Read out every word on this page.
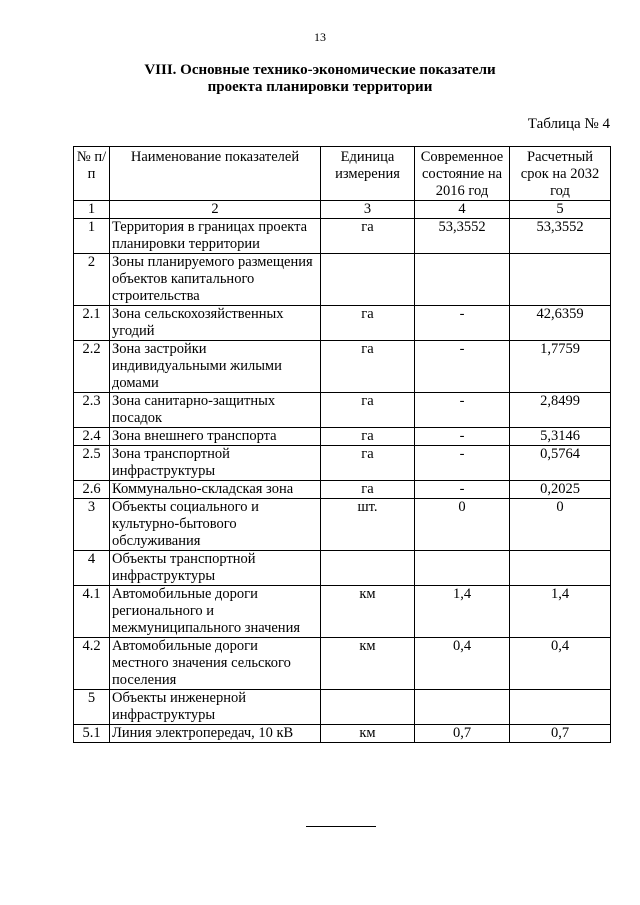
13
VIII. Основные технико-экономические показатели
проекта планировки территории
Таблица № 4
№ п/п	Наименование показателей	Единица измерения	Современное состояние на 2016 год	Расчетный срок на 2032 год
1	2	3	4	5
1	Территория в границах проекта планировки территории	га	53,3552	53,3552
2	Зоны планируемого размещения объектов капитального строительства			
2.1	Зона сельскохозяйственных угодий	га	-	42,6359
2.2	Зона застройки индивидуальными жилыми домами	га	-	1,7759
2.3	Зона санитарно-защитных посадок	га	-	2,8499
2.4	Зона внешнего транспорта	га	-	5,3146
2.5	Зона транспортной инфраструктуры	га	-	0,5764
2.6	Коммунально-складская зона	га	-	0,2025
3	Объекты социального и культурно-бытового обслуживания	шт.	0	0
4	Объекты транспортной инфраструктуры			
4.1	Автомобильные дороги регионального и межмуниципального значения	км	1,4	1,4
4.2	Автомобильные дороги местного значения сельского поселения	км	0,4	0,4
5	Объекты инженерной инфраструктуры			
5.1	Линия электропередач, 10 кВ	км	0,7	0,7
